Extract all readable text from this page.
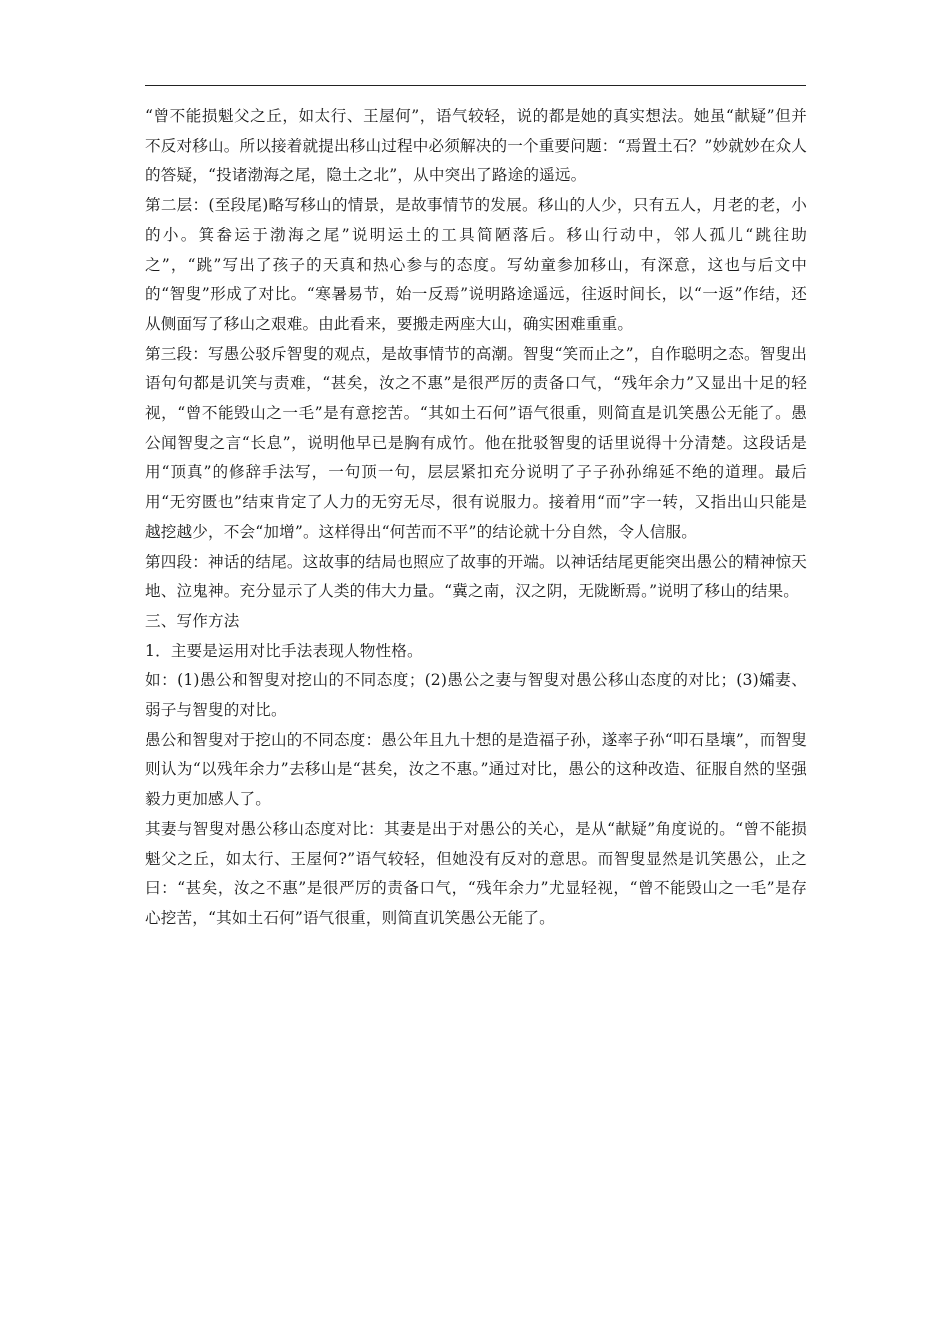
“曾不能损魁父之丘，如太行、王屋何”，语气较轻，说的都是她的真实想法。她虽“献疑”但并不反对移山。所以接着就提出移山过程中必须解决的一个重要问题：“焉置土石？”妙就妙在众人的答疑，“投诸渤海之尾，隐土之北”，从中突出了路途的遥远。

第二层：(至段尾)略写移山的情景，是故事情节的发展。移山的人少，只有五人，月老的老，小的小。箕畚运于渤海之尾”说明运土的工具简陋落后。移山行动中，邻人孤儿“跳往助之”，“跳”写出了孩子的天真和热心参与的态度。写幼童参加移山，有深意，这也与后文中的“智叟”形成了对比。“寒暑易节，始一反焉”说明路途遥远，往返时间长，以“一返”作结，还从侧面写了移山之艰难。由此看来，要搬走两座大山，确实困难重重。

第三段：写愚公驳斥智叟的观点，是故事情节的高潮。智叟“笑而止之”，自作聪明之态。智叟出语句句都是讥笑与责难，“甚矣，汝之不惠”是很严厉的责备口气，“残年余力”又显出十足的轻视，“曾不能毁山之一毛”是有意挖苦。“其如土石何”语气很重，则简直是讥笑愚公无能了。愚公闻智叟之言“长息”，说明他早已是胸有成竹。他在批驳智叟的话里说得十分清楚。这段话是用“顶真”的修辞手法写，一句顶一句，层层紧扣充分说明了子子孙孙绵延不绝的道理。最后用“无穷匮也”结束肯定了人力的无穷无尽，很有说服力。接着用“而”字一转，又指出山只能是越挖越少，不会“加增”。这样得出“何苦而不平”的结论就十分自然，令人信服。

第四段：神话的结尾。这故事的结局也照应了故事的开端。以神话结尾更能突出愚公的精神惊天地、泣鬼神。充分显示了人类的伟大力量。“冀之南，汉之阴，无陇断焉。”说明了移山的结果。

三、写作方法

1．主要是运用对比手法表现人物性格。

如：(1)愚公和智叟对挖山的不同态度；(2)愚公之妻与智叟对愚公移山态度的对比；(3)孀妻、弱子与智叟的对比。

愚公和智叟对于挖山的不同态度：愚公年且九十想的是造福子孙，遂率子孙“叩石垦壤”，而智叟则认为“以残年余力”去移山是“甚矣，汝之不惠。”通过对比，愚公的这种改造、征服自然的坚强毅力更加感人了。

其妻与智叟对愚公移山态度对比：其妻是出于对愚公的关心，是从“献疑”角度说的。“曾不能损魁父之丘，如太行、王屋何?”语气较轻，但她没有反对的意思。而智叟显然是讥笑愚公，止之曰：“甚矣，汝之不惠”是很严厉的责备口气，“残年余力”尤显轻视，“曾不能毁山之一毛”是存心挖苦，“其如土石何”语气很重，则简直讥笑愚公无能了。
